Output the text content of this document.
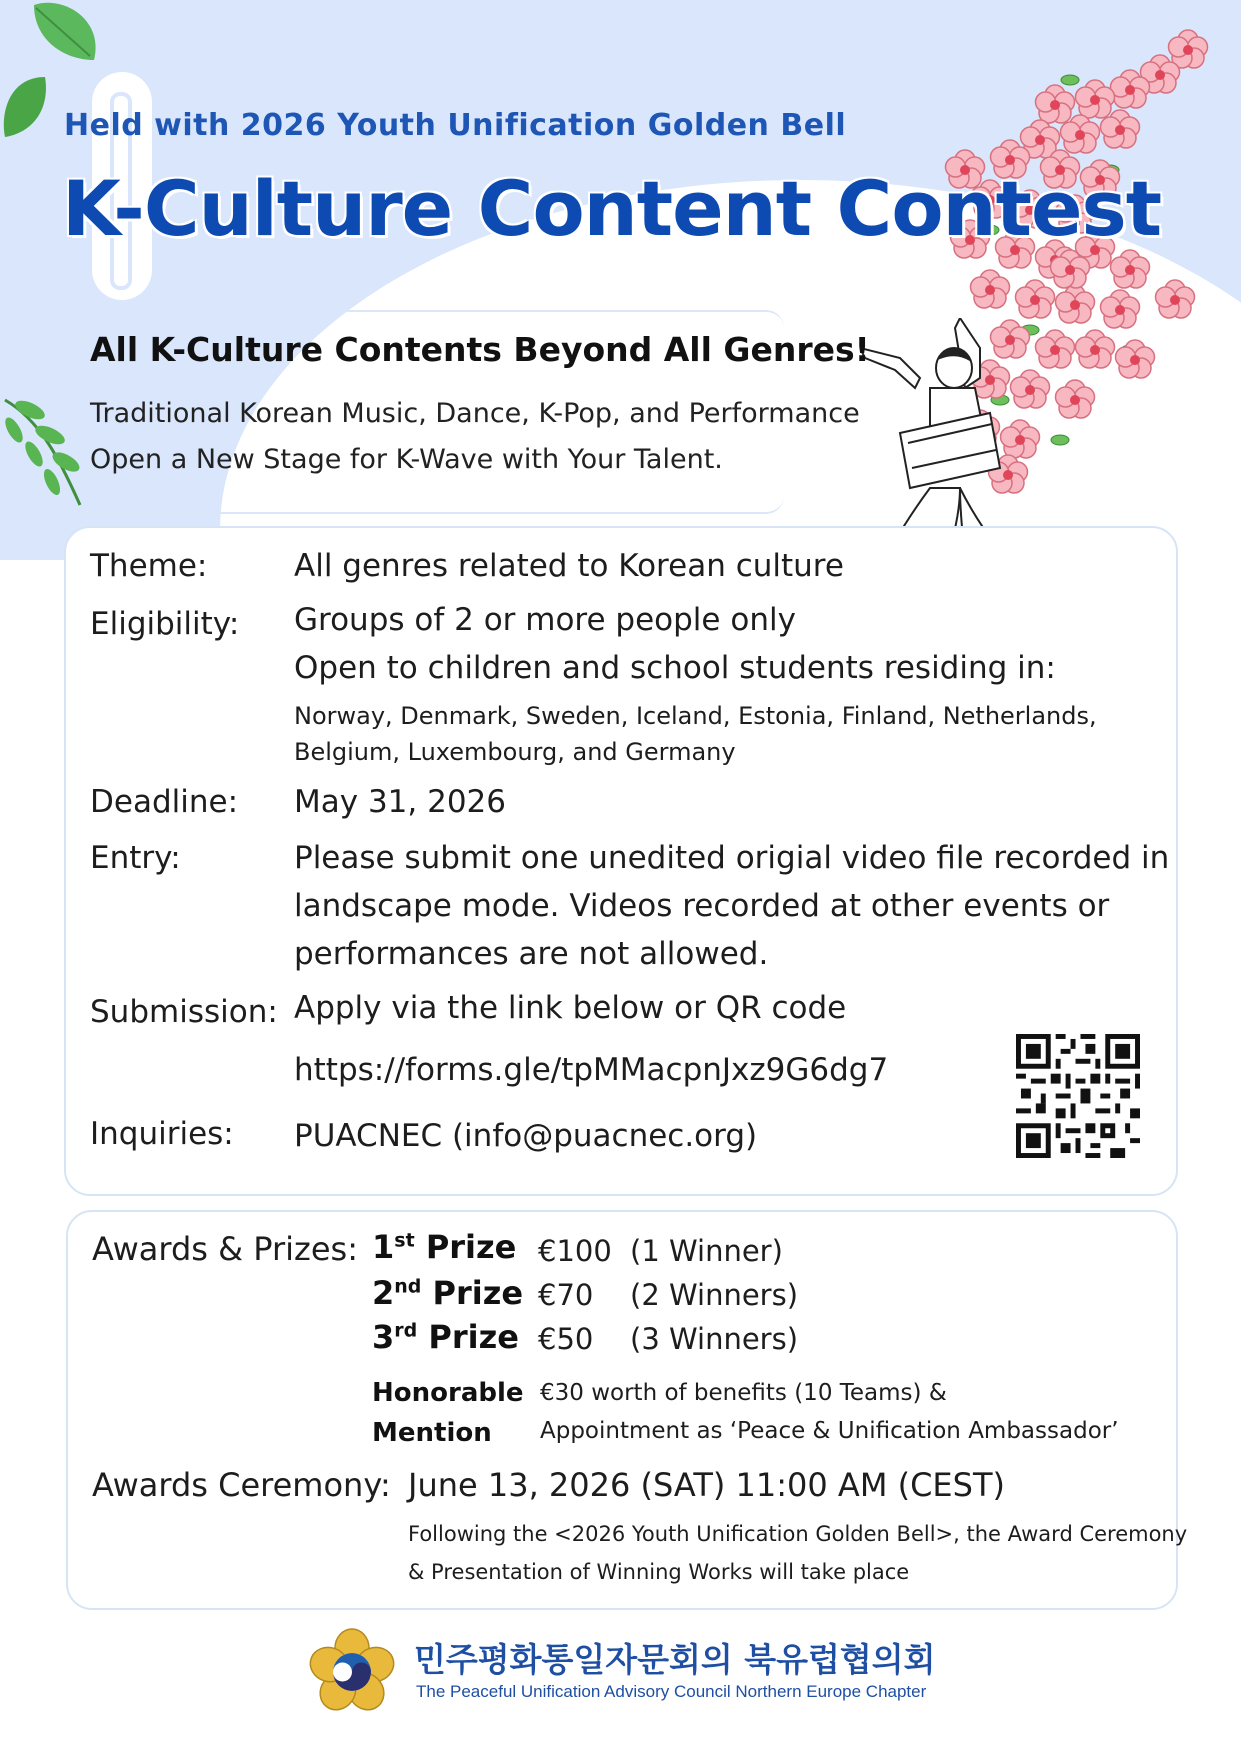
Held with 2026 Youth Unification Golden Bell
K-Culture Content Contest
All K-Culture Contents Beyond All Genres!
Traditional Korean Music, Dance, K-Pop, and Performance
Open a New Stage for K-Wave with Your Talent.
Theme:	All genres related to Korean culture
Eligibility: Groups of 2 or more people only
Open to children and school students residing in:
Norway, Denmark, Sweden, Iceland, Estonia, Finland, Netherlands,
Belgium, Luxembourg, and Germany
Deadline: May 31, 2026
Entry:	Please submit one unedited origial video file recorded in
landscape mode. Videos recorded at other events or
performances are not allowed.
Submission: Apply via the link below or QR code
https://forms.gle/tpMMacpnJxz9G6dg7
Inquiries: PUACNEC (info@puacnec.org)
Awards & Prizes: 1st Prize €100 (1 Winner)
2nd Prize €70 (2 Winners)
3rd Prize €50 (3 Winners)
Honorable
Mention
€30 worth of benefits (10 Teams) &
Appointment as ‘Peace & Unification Ambassador’
Awards Ceremony: June 13, 2026 (SAT) 11:00 AM (CEST)
Following the <2026 Youth Unification Golden Bell>, the Award Ceremony
& Presentation of Winning Works will take place
민주평화통일자문회의 북유럽협의회
The Peaceful Unification Advisory Council Northern Europe Chapter
